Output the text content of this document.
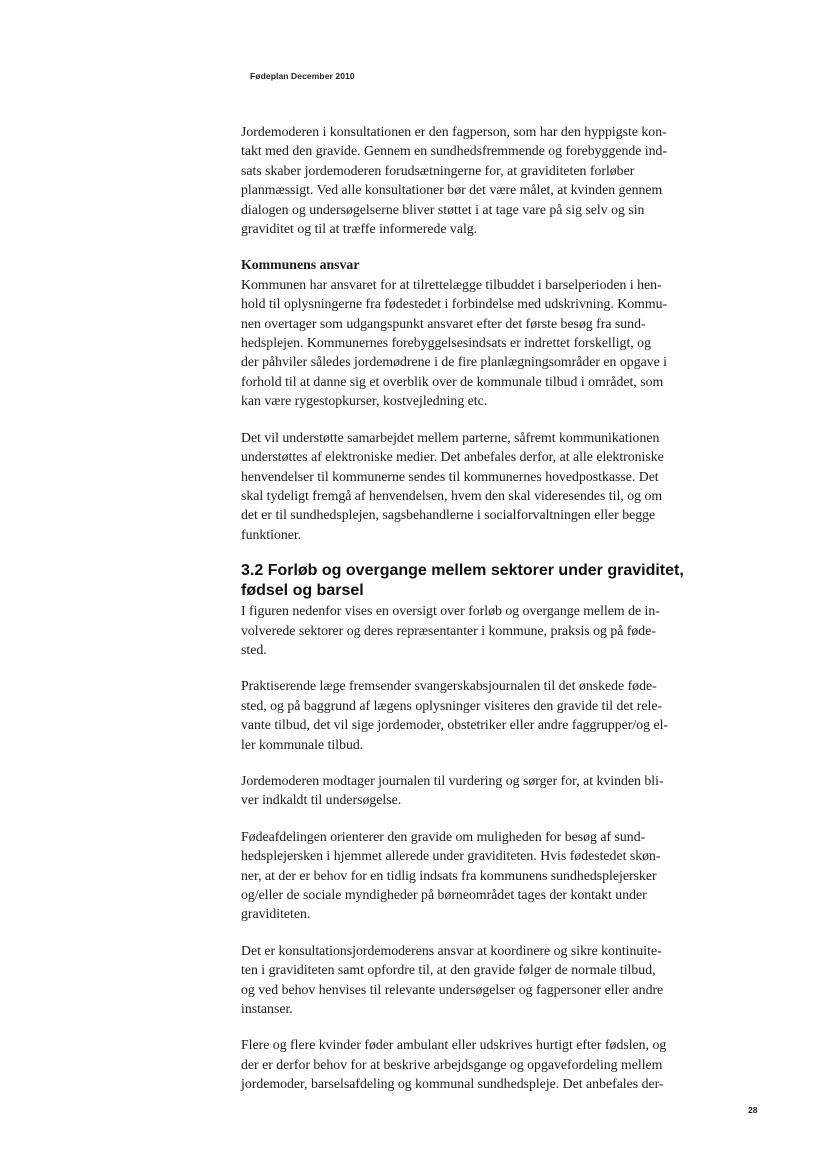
Fødeplan December 2010

Jordemoderen i konsultationen er den fagperson, som har den hyppigste kon-

takt med den gravide. Gennem en sundhedsfremmende og forebyggende ind-

sats skaber jordemoderen forudsætningerne for, at graviditeten forløber

planmæssigt. Ved alle konsultationer bør det være målet, at kvinden gennem

dialogen og undersøgelserne bliver støttet i at tage vare på sig selv og sin

graviditet og til at træffe informerede valg.

Kommunens ansvar

Kommunen har ansvaret for at tilrettelægge tilbuddet i barselperioden i hen-

hold til oplysningerne fra fødestedet i forbindelse med udskrivning. Kommu-

nen overtager som udgangspunkt ansvaret efter det første besøg fra sund-

hedsplejen. Kommunernes forebyggelsesindsats er indrettet forskelligt, og

der påhviler således jordemødrene i de fire planlægningsområder en opgave i

forhold til at danne sig et overblik over de kommunale tilbud i området, som

kan være rygestopkurser, kostvejledning etc.

Det vil understøtte samarbejdet mellem parterne, såfremt kommunikationen

understøttes af elektroniske medier. Det anbefales derfor, at alle elektroniske

henvendelser til kommunerne sendes til kommunernes hovedpostkasse. Det

skal tydeligt fremgå af henvendelsen, hvem den skal videresendes til, og om

det er til sundhedsplejen, sagsbehandlerne i socialforvaltningen eller begge

funktioner.

3.2 Forløb og overgange mellem sektorer under graviditet,

fødsel og barsel

I figuren nedenfor vises en oversigt over forløb og overgange mellem de in-

volverede sektorer og deres repræsentanter i kommune, praksis og på føde-

sted.

Praktiserende læge fremsender svangerskabsjournalen til det ønskede føde-

sted, og på baggrund af lægens oplysninger visiteres den gravide til det rele-

vante tilbud, det vil sige jordemoder, obstetriker eller andre faggrupper/og el-

ler kommunale tilbud.

Jordemoderen modtager journalen til vurdering og sørger for, at kvinden bli-

ver indkaldt til undersøgelse.

Fødeafdelingen orienterer den gravide om muligheden for besøg af sund-

hedsplejersken i hjemmet allerede under graviditeten. Hvis fødestedet skøn-

ner, at der er behov for en tidlig indsats fra kommunens sundhedsplejersker

og/eller de sociale myndigheder på børneområdet tages der kontakt under

graviditeten.

Det er konsultationsjordemoderens ansvar at koordinere og sikre kontinuite-

ten i graviditeten samt opfordre til, at den gravide følger de normale tilbud,

og ved behov henvises til relevante undersøgelser og fagpersoner eller andre

instanser.

Flere og flere kvinder føder ambulant eller udskrives hurtigt efter fødslen, og

der er derfor behov for at beskrive arbejdsgange og opgavefordeling mellem

jordemoder, barselsafdeling og kommunal sundhedspleje. Det anbefales der-

28
